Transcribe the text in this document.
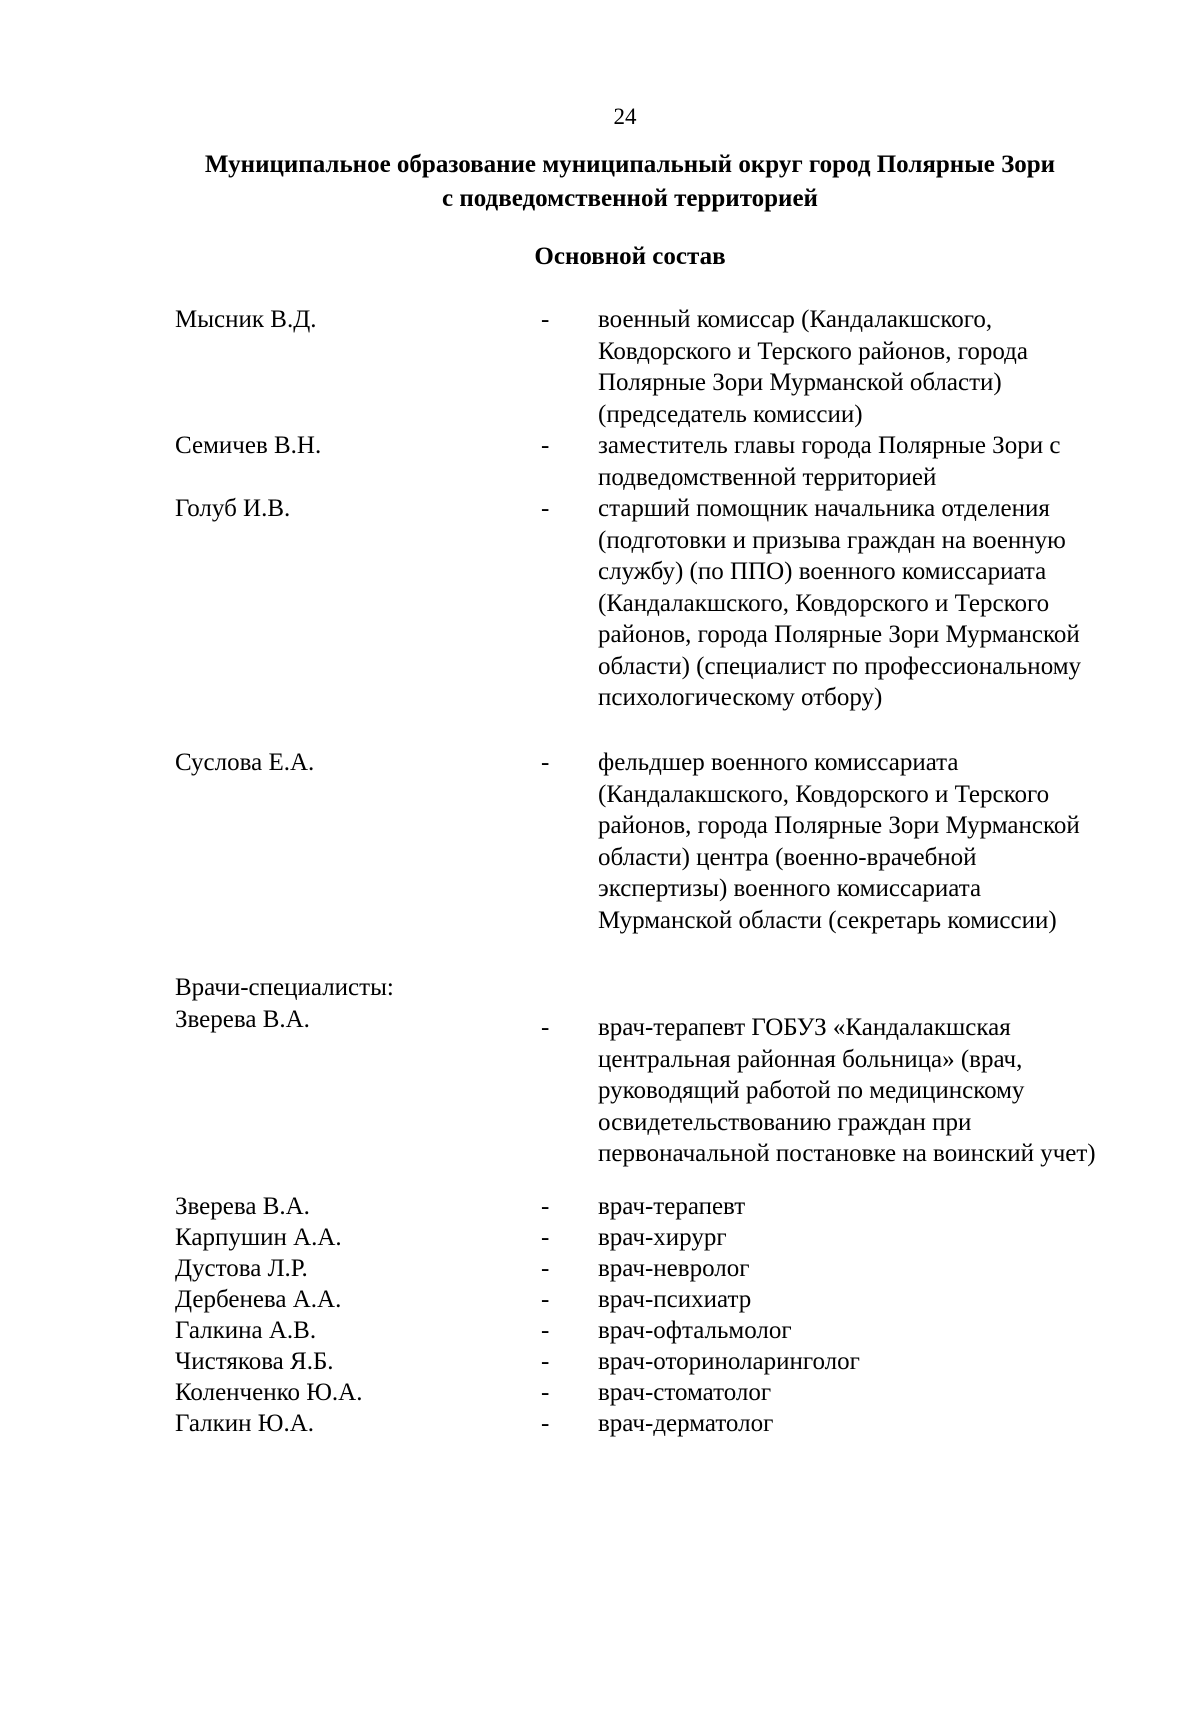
24
Муниципальное образование муниципальный округ город Полярные Зори
с подведомственной территорией
Основной состав
Мысник В.Д.	- военный комиссар (Кандалакшского, Ковдорского и Терского районов, города Полярные Зори Мурманской области) (председатель комиссии)
Семичев В.Н.	- заместитель главы города Полярные Зори с подведомственной территорией
Голуб И.В.	- старший помощник начальника отделения (подготовки и призыва граждан на военную службу) (по ППО) военного комиссариата (Кандалакшского, Ковдорского и Терского районов, города Полярные Зори Мурманской области) (специалист по профессиональному психологическому отбору)
Суслова Е.А.	- фельдшер военного комиссариата (Кандалакшского, Ковдорского и Терского районов, города Полярные Зори Мурманской области) центра (военно-врачебной экспертизы) военного комиссариата Мурманской области (секретарь комиссии)
Врачи-специалисты:
Зверева В.А.	- врач-терапевт ГОБУЗ «Кандалакшская центральная районная больница» (врач, руководящий работой по медицинскому освидетельствованию граждан при первоначальной постановке на воинский учет)
Зверева В.А.	- врач-терапевт
Карпушин А.А.	- врач-хирург
Дустова Л.Р.	- врач-невролог
Дербенева А.А.	- врач-психиатр
Галкина А.В.	- врач-офтальмолог
Чистякова Я.Б.	- врач-оториноларинголог
Коленченко Ю.А.	- врач-стоматолог
Галкин Ю.А.	- врач-дерматолог
